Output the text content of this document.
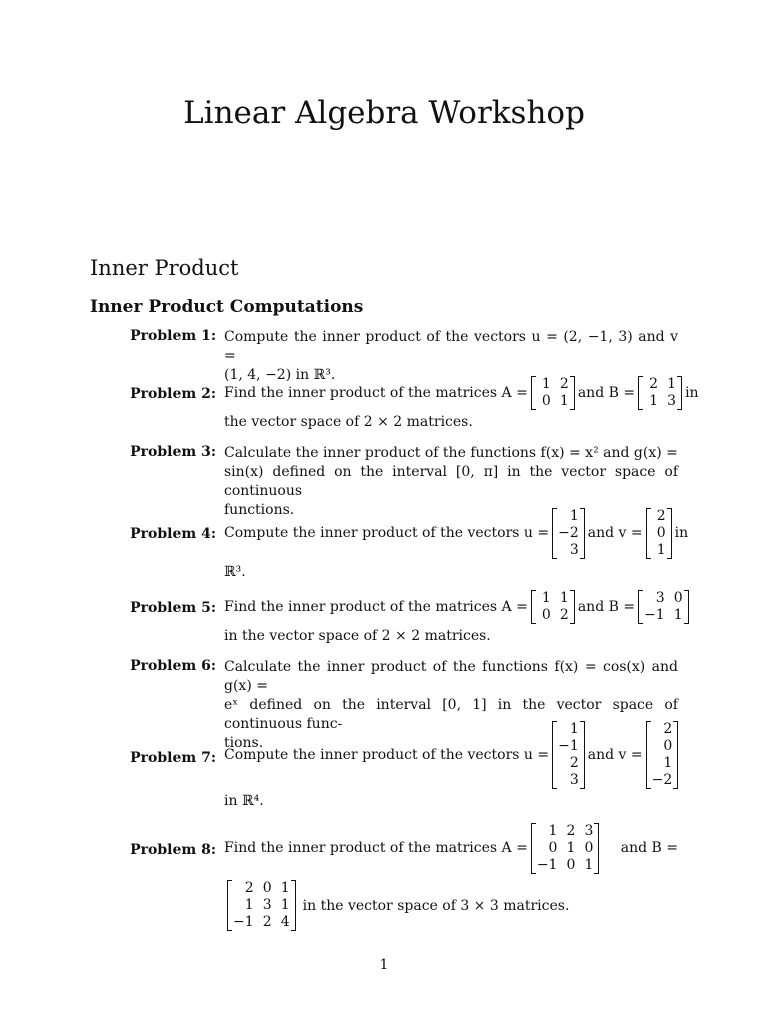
Linear Algebra Workshop
Inner Product
Inner Product Computations
Problem 1: Compute the inner product of the vectors u = (2, −1, 3) and v =
(1, 4, −2) in ℝ³.
Problem 2: Find the inner product of the matrices A =
1 2
0 1
and B =
2 1
1 3
in
the vector space of 2 × 2 matrices.
Problem 3: Calculate the inner product of the functions f(x) = x² and g(x) =
sin(x) defined on the interval [0, π] in the vector space of continuous
functions.
Problem 4: Compute the inner product of the vectors u =
1
−2
3
and v =
2
0
1
in
ℝ³.
Problem 5: Find the inner product of the matrices A =
1 1
0 2
and B =
3 0
−1 1
in the vector space of 2 × 2 matrices.
Problem 6: Calculate the inner product of the functions f(x) = cos(x) and g(x) =
eˣ defined on the interval [0, 1] in the vector space of continuous func-
tions.
Problem 7: Compute the inner product of the vectors u =
1
−1
2
3
and v =
2
0
1
−2
in ℝ⁴.
Problem 8: Find the inner product of the matrices A =
1 2 3
0 1 0
−1 0 1
and B =
2 0 1
1 3 1
−1 2 4
in the vector space of 3 × 3 matrices.
1
